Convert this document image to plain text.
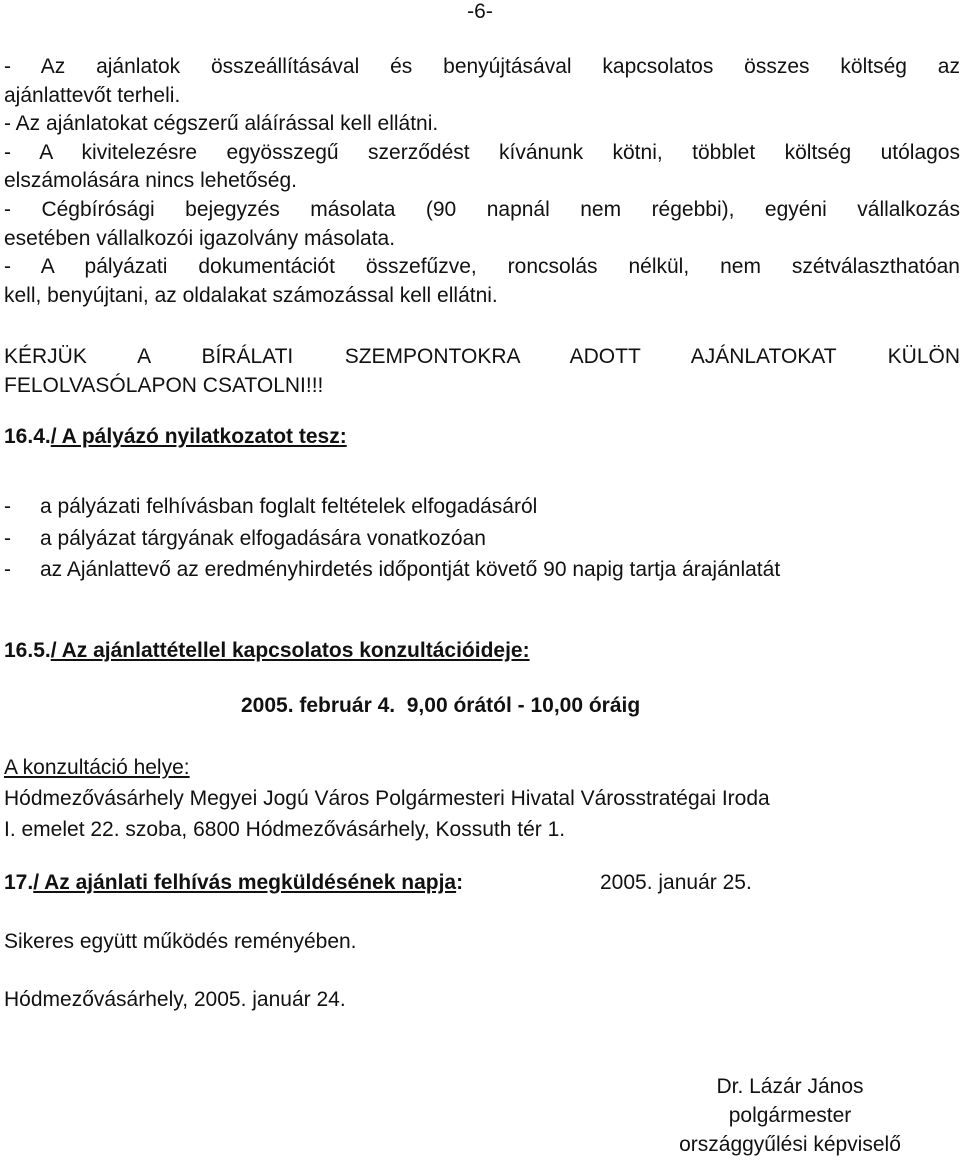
-6-
- Az ajánlatok összeállításával és benyújtásával kapcsolatos összes költség az
ajánlattevőt terheli.
- Az ajánlatokat cégszerű aláírással kell ellátni.
- A kivitelezésre egyösszegű szerződést kívánunk kötni, többlet költség utólagos
elszámolására nincs lehetőség.
- Cégbírósági bejegyzés másolata (90 napnál nem régebbi), egyéni vállalkozás
esetében vállalkozói igazolvány másolata.
- A pályázati dokumentációt összefűzve, roncsolás nélkül, nem szétválaszthatóan
kell, benyújtani, az oldalakat számozással kell ellátni.
KÉRJÜK A BÍRÁLATI SZEMPONTOKRA ADOTT AJÁNLATOKAT KÜLÖN
FELOLVASÓLAPON CSATOLNI!!!
16.4./ A pályázó nyilatkozatot tesz:
- a pályázati felhívásban foglalt feltételek elfogadásáról
- a pályázat tárgyának elfogadására vonatkozóan
- az Ajánlattevő az eredményhirdetés időpontját követő 90 napig tartja árajánlatát
16.5./ Az ajánlattétellel kapcsolatos konzultációideje:
2005. február 4.  9,00 órától - 10,00 óráig
A konzultáció helye:
Hódmezővásárhely Megyei Jogú Város Polgármesteri Hivatal Városstratégai Iroda
I. emelet 22. szoba, 6800 Hódmezővásárhely, Kossuth tér 1.
17./ Az ajánlati felhívás megküldésének napja:	2005. január 25.
Sikeres együtt működés reményében.
Hódmezővásárhely, 2005. január 24.
Dr. Lázár János
polgármester
országgyűlési képviselő
